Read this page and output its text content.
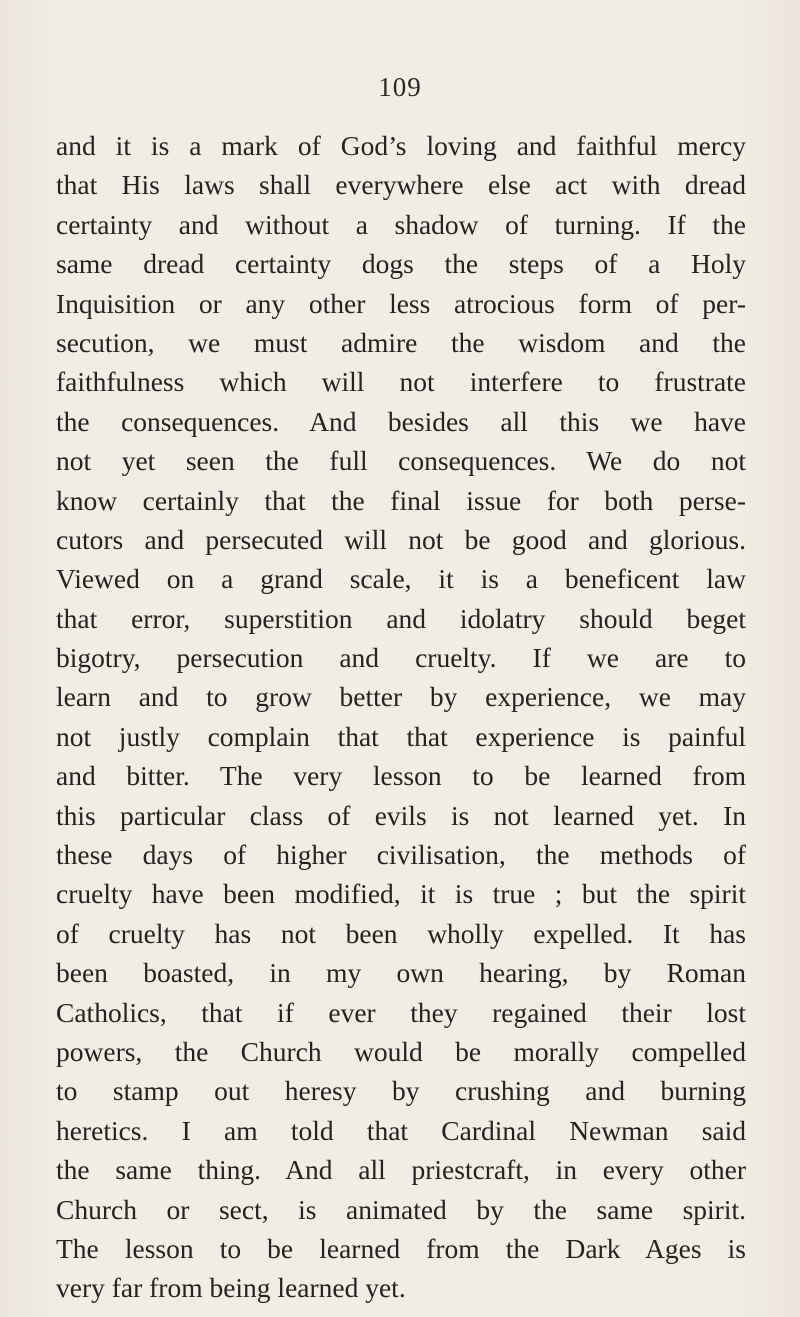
109
and it is a mark of God’s loving and faithful mercy
that His laws shall everywhere else act with dread
certainty and without a shadow of turning. If the
same dread certainty dogs the steps of a Holy
Inquisition or any other less atrocious form of per-
secution, we must admire the wisdom and the
faithfulness which will not interfere to frustrate
the consequences. And besides all this we have
not yet seen the full consequences. We do not
know certainly that the final issue for both perse-
cutors and persecuted will not be good and glorious.
Viewed on a grand scale, it is a beneficent law
that error, superstition and idolatry should beget
bigotry, persecution and cruelty. If we are to
learn and to grow better by experience, we may
not justly complain that that experience is painful
and bitter. The very lesson to be learned from
this particular class of evils is not learned yet. In
these days of higher civilisation, the methods of
cruelty have been modified, it is true ; but the spirit
of cruelty has not been wholly expelled. It has
been boasted, in my own hearing, by Roman
Catholics, that if ever they regained their lost
powers, the Church would be morally compelled
to stamp out heresy by crushing and burning
heretics. I am told that Cardinal Newman said
the same thing. And all priestcraft, in every other
Church or sect, is animated by the same spirit.
The lesson to be learned from the Dark Ages is
very far from being learned yet.
